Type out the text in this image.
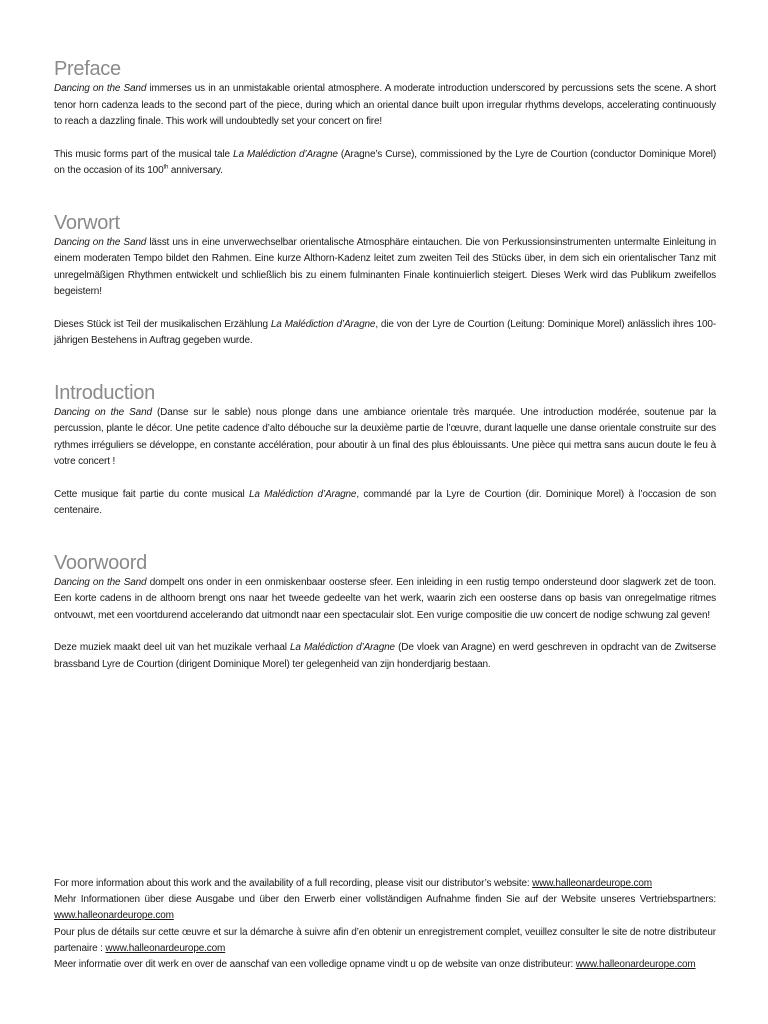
Preface

Dancing on the Sand immerses us in an unmistakable oriental atmosphere. A moderate introduction underscored by percussions sets the scene. A short tenor horn cadenza leads to the second part of the piece, during which an oriental dance built upon irregular rhythms develops, accelerating continuously to reach a dazzling finale. This work will undoubtedly set your concert on fire!

This music forms part of the musical tale La Malédiction d’Aragne (Aragne’s Curse), commissioned by the Lyre de Courtion (conductor Dominique Morel) on the occasion of its 100th anniversary.

Vorwort

Dancing on the Sand lässt uns in eine unverwechselbar orientalische Atmosphäre eintauchen. Die von Perkussionsinstrumenten untermalte Einleitung in einem moderaten Tempo bildet den Rahmen. Eine kurze Althorn-Kadenz leitet zum zweiten Teil des Stücks über, in dem sich ein orientalischer Tanz mit unregelmäßigen Rhythmen entwickelt und schließlich bis zu einem fulminanten Finale kontinuierlich steigert. Dieses Werk wird das Publikum zweifellos begeistern!

Dieses Stück ist Teil der musikalischen Erzählung La Malédiction d’Aragne, die von der Lyre de Courtion (Leitung: Dominique Morel) anlässlich ihres 100-jährigen Bestehens in Auftrag gegeben wurde.

Introduction

Dancing on the Sand (Danse sur le sable) nous plonge dans une ambiance orientale très marquée. Une introduction modérée, soutenue par la percussion, plante le décor. Une petite cadence d’alto débouche sur la deuxième partie de l’œuvre, durant laquelle une danse orientale construite sur des rythmes irréguliers se développe, en constante accélération, pour aboutir à un final des plus éblouissants. Une pièce qui mettra sans aucun doute le feu à votre concert !

Cette musique fait partie du conte musical La Malédiction d’Aragne, commandé par la Lyre de Courtion (dir. Dominique Morel) à l’occasion de son centenaire.

Voorwoord

Dancing on the Sand dompelt ons onder in een onmiskenbaar oosterse sfeer. Een inleiding in een rustig tempo ondersteund door slagwerk zet de toon. Een korte cadens in de althoorn brengt ons naar het tweede gedeelte van het werk, waarin zich een oosterse dans op basis van onregelmatige ritmes ontvouwt, met een voortdurend accelerando dat uitmondt naar een spectaculair slot. Een vurige compositie die uw concert de nodige schwung zal geven!

Deze muziek maakt deel uit van het muzikale verhaal La Malédiction d’Aragne (De vloek van Aragne) en werd geschreven in opdracht van de Zwitserse brassband Lyre de Courtion (dirigent Dominique Morel) ter gelegenheid van zijn honderdjarig bestaan.

For more information about this work and the availability of a full recording, please visit our distributor’s website: www.halleonardeurope.com

Mehr Informationen über diese Ausgabe und über den Erwerb einer vollständigen Aufnahme finden Sie auf der Website unseres Vertriebspartners: www.halleonardeurope.com

Pour plus de détails sur cette œuvre et sur la démarche à suivre afin d’en obtenir un enregistrement complet, veuillez consulter le site de notre distributeur partenaire : www.halleonardeurope.com

Meer informatie over dit werk en over de aanschaf van een volledige opname vindt u op de website van onze distributeur: www.halleonardeurope.com
